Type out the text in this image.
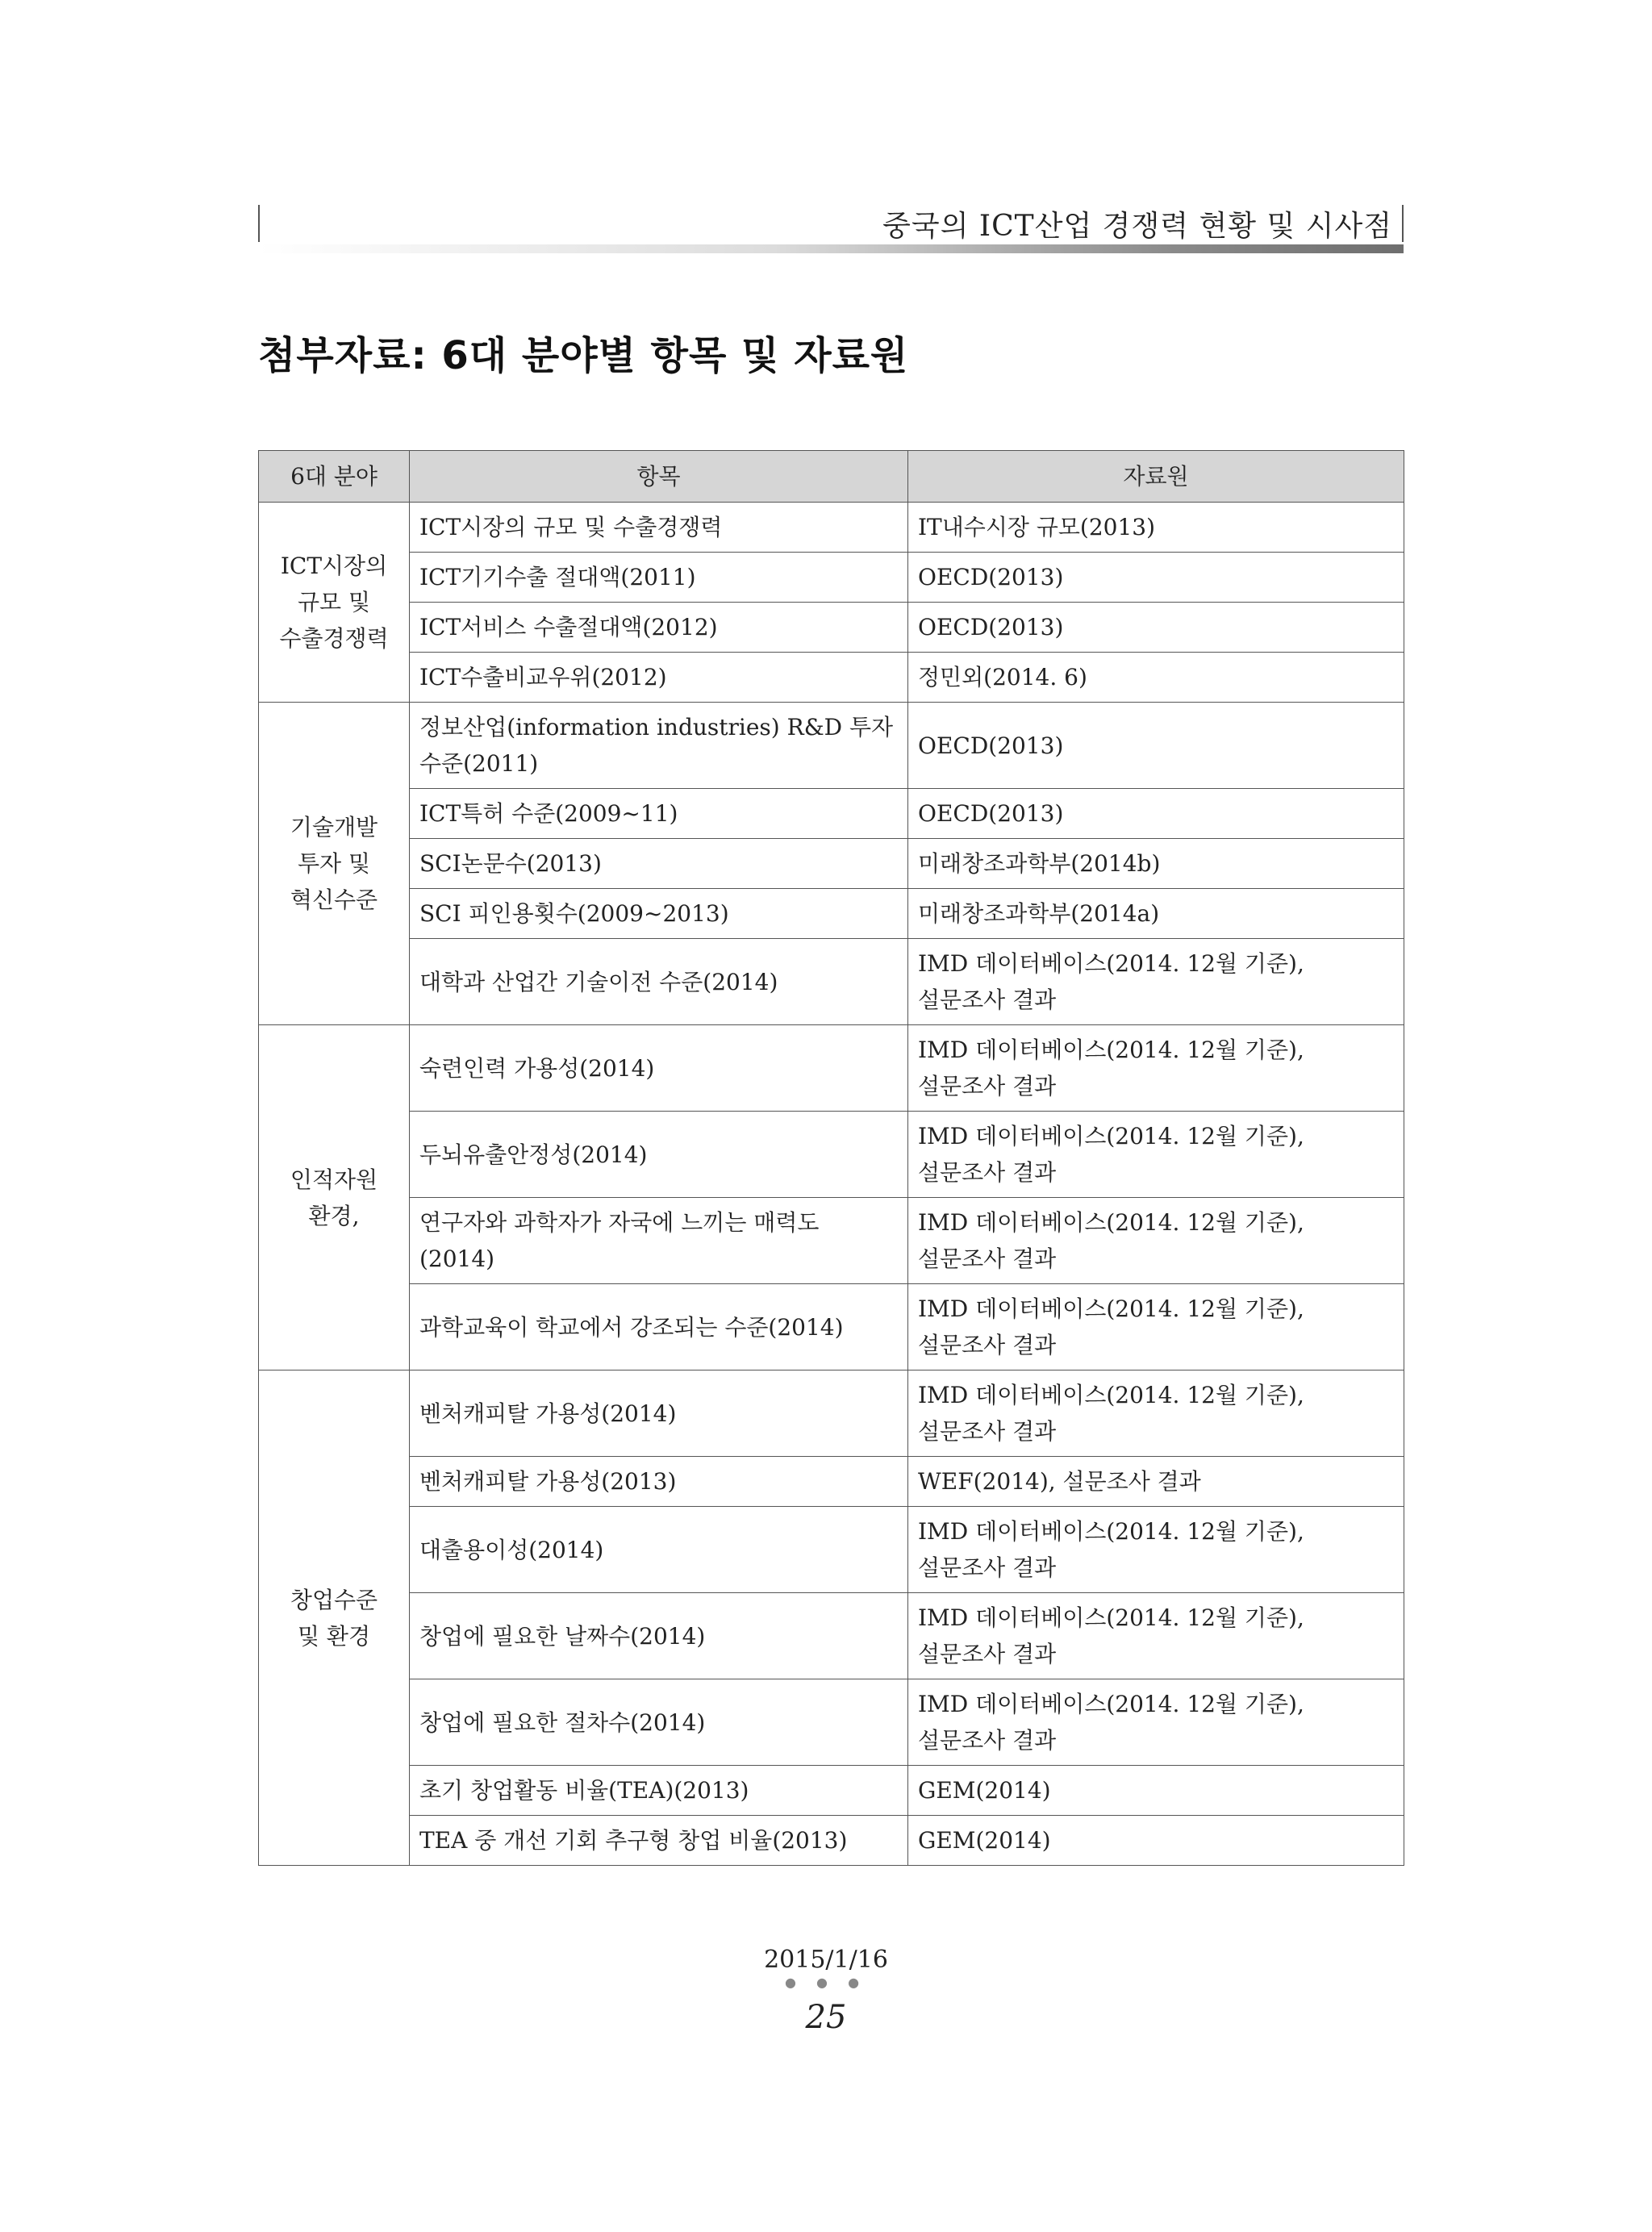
중국의 ICT산업 경쟁력 현황 및 시사점
첨부자료: 6대 분야별 항목 및 자료원
6대 분야	항목	자료원
ICT시장의
규모 및
수출경쟁력	ICT시장의 규모 및 수출경쟁력	IT내수시장 규모(2013)
	ICT기기수출 절대액(2011)	OECD(2013)
	ICT서비스 수출절대액(2012)	OECD(2013)
	ICT수출비교우위(2012)	정민외(2014. 6)
기술개발
투자 및
혁신수준	정보산업(information industries) R&D 투자수준(2011)	OECD(2013)
	ICT특허 수준(2009~11)	OECD(2013)
	SCI논문수(2013)	미래창조과학부(2014b)
	SCI 피인용횟수(2009~2013)	미래창조과학부(2014a)
	대학과 산업간 기술이전 수준(2014)	IMD 데이터베이스(2014. 12월 기준),
설문조사 결과
인적자원
환경,	숙련인력 가용성(2014)	IMD 데이터베이스(2014. 12월 기준),
설문조사 결과
	두뇌유출안정성(2014)	IMD 데이터베이스(2014. 12월 기준),
설문조사 결과
	연구자와 과학자가 자국에 느끼는 매력도
(2014)	IMD 데이터베이스(2014. 12월 기준),
설문조사 결과
	과학교육이 학교에서 강조되는 수준(2014)	IMD 데이터베이스(2014. 12월 기준),
설문조사 결과
창업수준
및 환경	벤처캐피탈 가용성(2014)	IMD 데이터베이스(2014. 12월 기준),
설문조사 결과
	벤처캐피탈 가용성(2013)	WEF(2014), 설문조사 결과
	대출용이성(2014)	IMD 데이터베이스(2014. 12월 기준),
설문조사 결과
	창업에 필요한 날짜수(2014)	IMD 데이터베이스(2014. 12월 기준),
설문조사 결과
	창업에 필요한 절차수(2014)	IMD 데이터베이스(2014. 12월 기준),
설문조사 결과
	초기 창업활동 비율(TEA)(2013)	GEM(2014)
	TEA 중 개선 기회 추구형 창업 비율(2013)	GEM(2014)
2015/1/16
● ● ●
25
